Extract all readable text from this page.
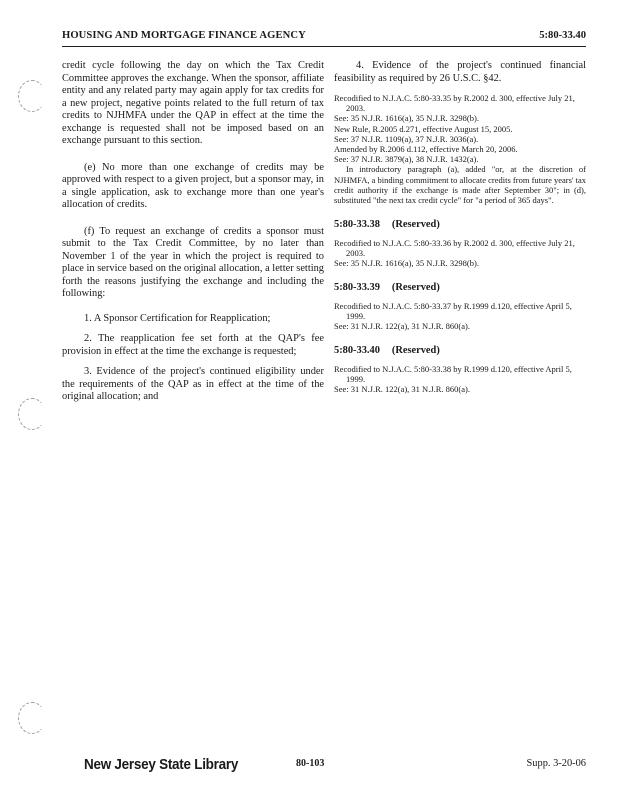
HOUSING AND MORTGAGE FINANCE AGENCY	5:80-33.40

credit cycle following the day on which the Tax Credit Committee approves the exchange. When the sponsor, affiliate entity and any related party may again apply for tax credits for a new project, negative points related to the full return of tax credits to NJHMFA under the QAP in effect at the time the exchange is requested shall not be imposed based on an exchange pursuant to this section.

(e) No more than one exchange of credits may be approved with respect to a given project, but a sponsor may, in a single application, ask to exchange more than one year's allocation of credits.

(f) To request an exchange of credits a sponsor must submit to the Tax Credit Committee, by no later than November 1 of the year in which the project is required to place in service based on the original allocation, a letter setting forth the reasons justifying the exchange and including the following:

1. A Sponsor Certification for Reapplication;

2. The reapplication fee set forth at the QAP's fee provision in effect at the time the exchange is requested;

3. Evidence of the project's continued eligibility under the requirements of the QAP as in effect at the time of the original allocation; and

4. Evidence of the project's continued financial feasibility as required by 26 U.S.C. §42.

Recodified to N.J.A.C. 5:80-33.35 by R.2002 d. 300, effective July 21, 2003.
See: 35 N.J.R. 1616(a), 35 N.J.R. 3298(b).
New Rule, R.2005 d.271, effective August 15, 2005.
See: 37 N.J.R. 1109(a), 37 N.J.R. 3036(a).
Amended by R.2006 d.112, effective March 20, 2006.
See: 37 N.J.R. 3879(a), 38 N.J.R. 1432(a).
In introductory paragraph (a), added "or, at the discretion of NJHMFA, a binding commitment to allocate credits from future years' tax credit authority if the exchange is made after September 30"; in (d), substituted "the next tax credit cycle" for "a period of 365 days".

5:80-33.38 (Reserved)

Recodified to N.J.A.C. 5:80-33.36 by R.2002 d. 300, effective July 21, 2003.
See: 35 N.J.R. 1616(a), 35 N.J.R. 3298(b).

5:80-33.39 (Reserved)

Recodified to N.J.A.C. 5:80-33.37 by R.1999 d.120, effective April 5, 1999.
See: 31 N.J.R. 122(a), 31 N.J.R. 860(a).

5:80-33.40 (Reserved)

Recodified to N.J.A.C. 5:80-33.38 by R.1999 d.120, effective April 5, 1999.
See: 31 N.J.R. 122(a), 31 N.J.R. 860(a).
New Jersey State Library	80-103	Supp. 3-20-06
